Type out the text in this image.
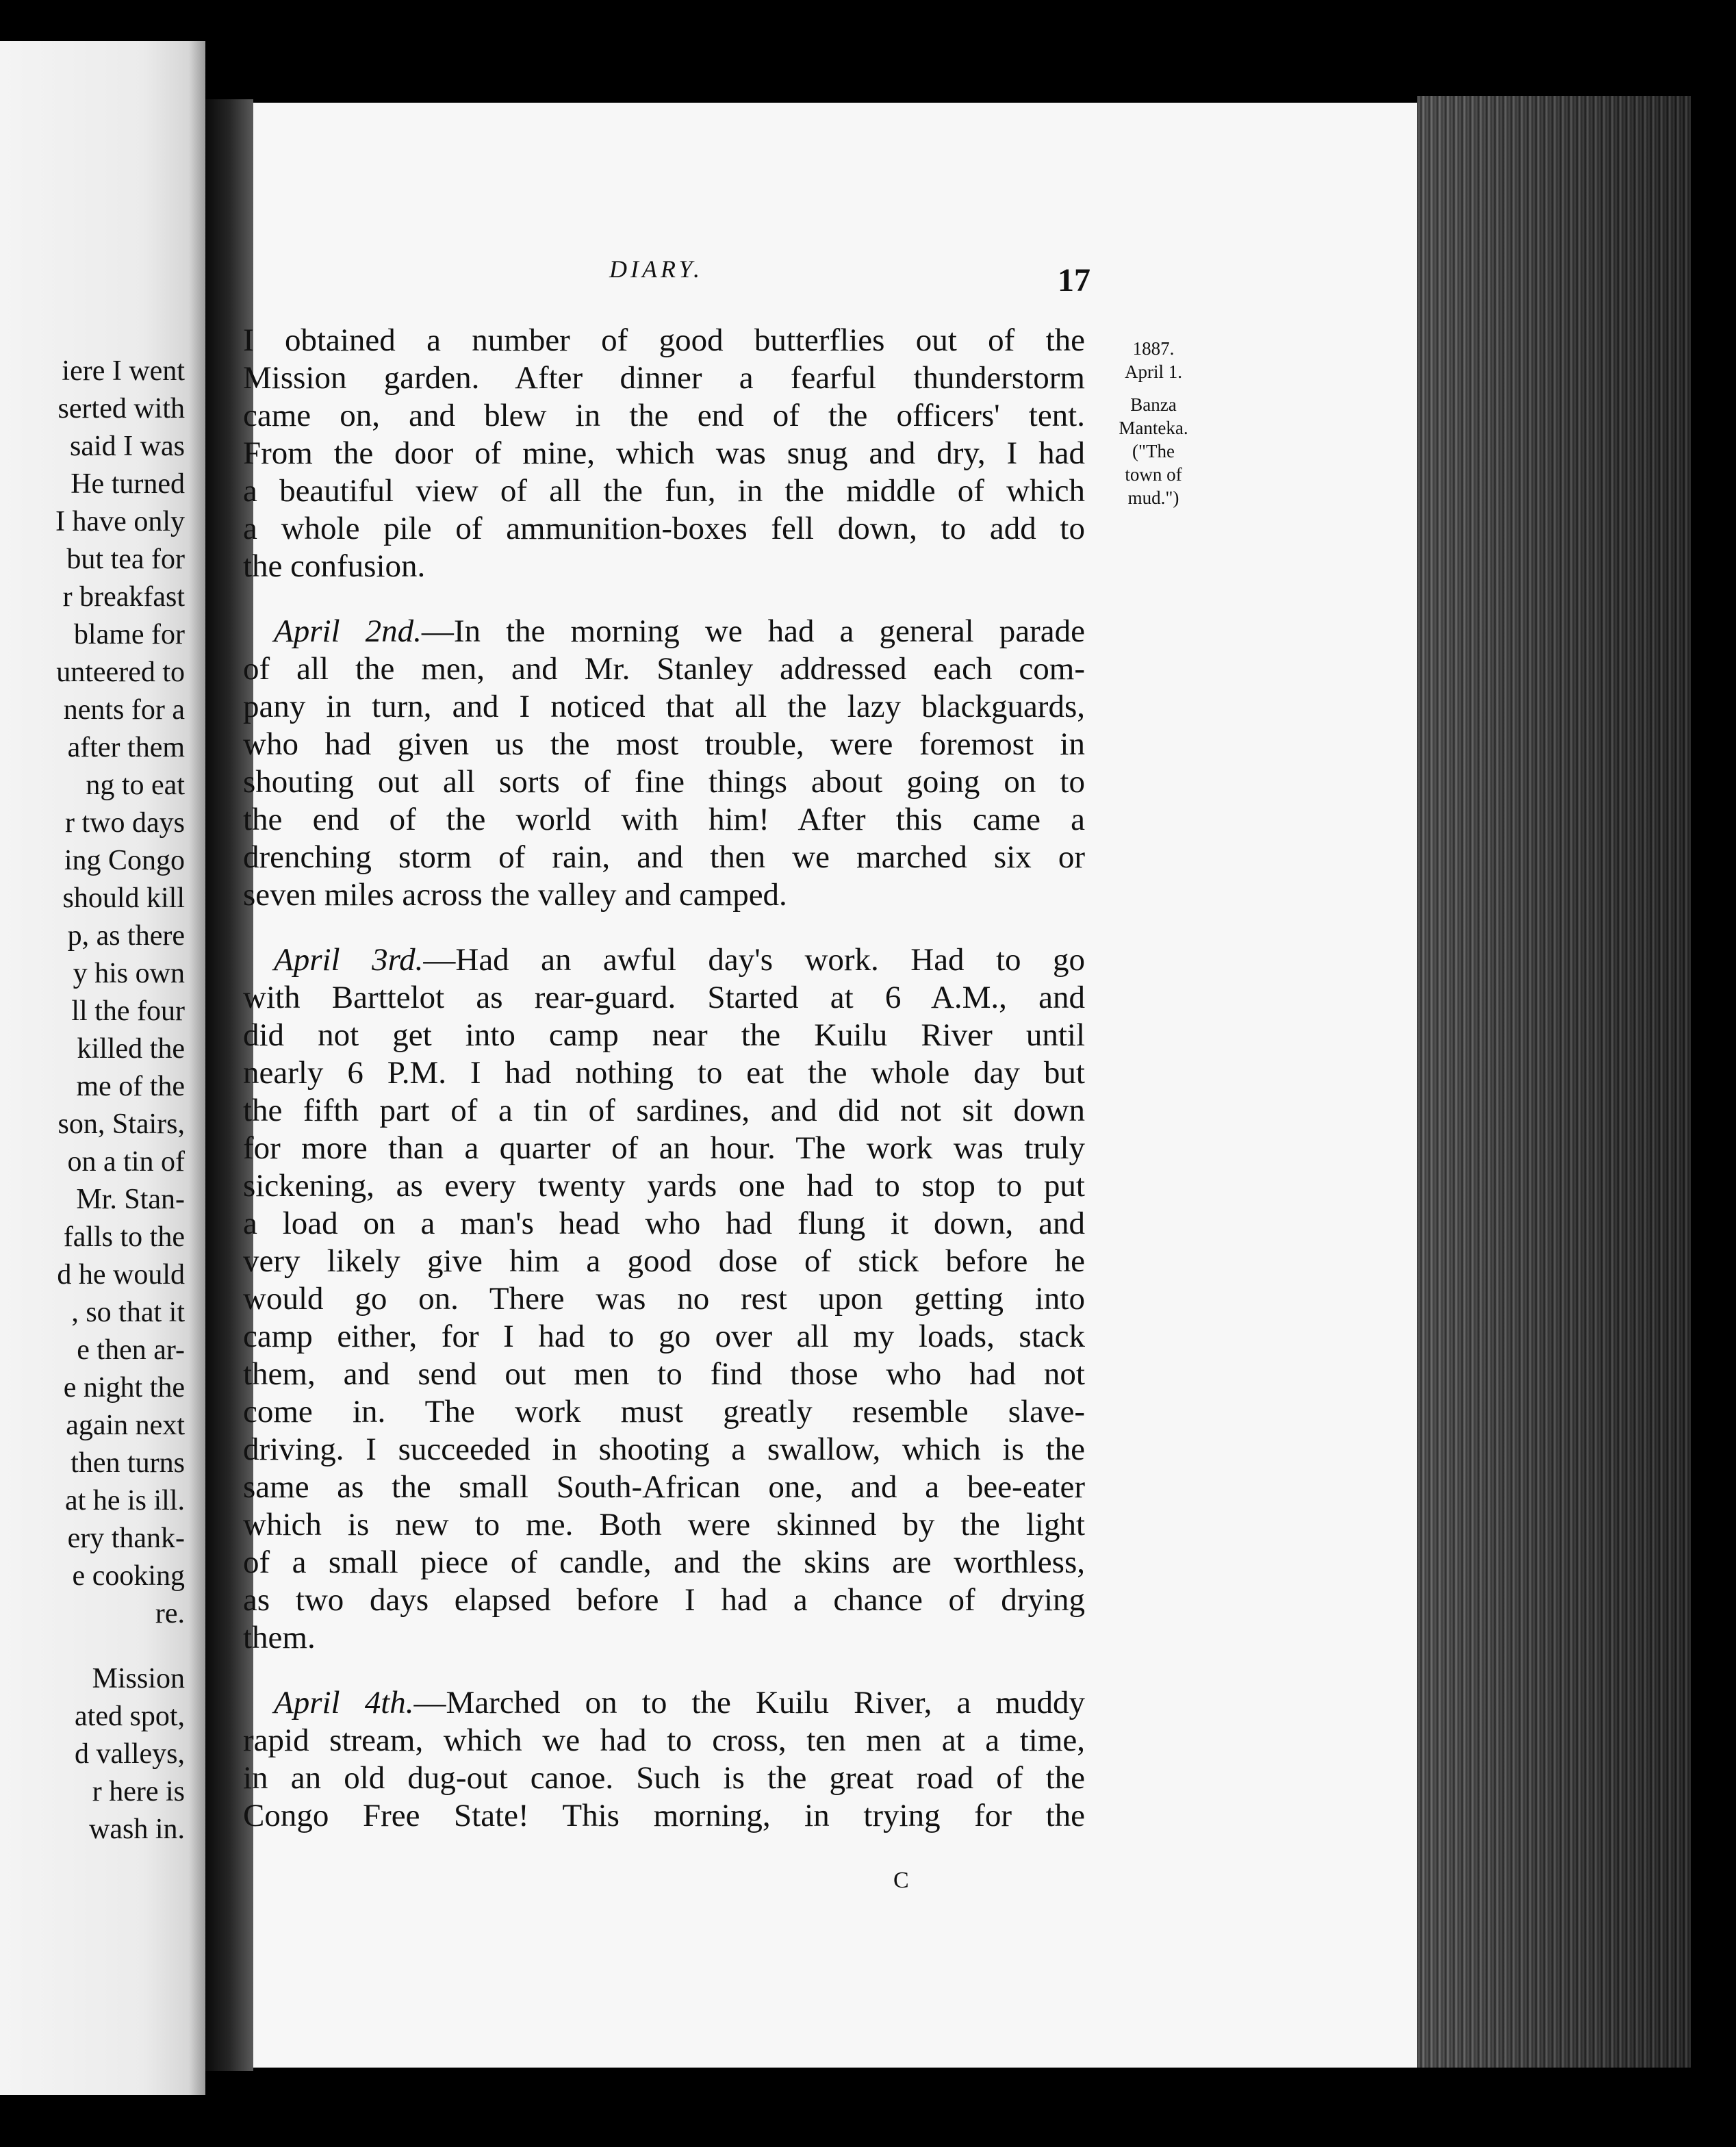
iere I went
serted with
said I was
He turned
I have only
but tea for
r breakfast
blame for
unteered to
nents for a
after them
ng to eat
r two days
ing Congo
should kill
p, as there
y his own
ll the four
killed the
me of the
son, Stairs,
on a tin of
Mr. Stan-
falls to the
d he would
, so that it
e then ar-
e night the
again next
then turns
at he is ill.
ery thank-
e cooking
re.
Mission
ated spot,
d valleys,
r here is
wash in.
DIARY.	17
1887.
April 1.
Banza
Manteka.
("The
town of
mud.")
I obtained a number of good butterflies out of the
Mission garden. After dinner a fearful thunderstorm
came on, and blew in the end of the officers' tent.
From the door of mine, which was snug and dry, I had
a beautiful view of all the fun, in the middle of which
a whole pile of ammunition-boxes fell down, to add to
the confusion.
April 2nd.—In the morning we had a general parade
of all the men, and Mr. Stanley addressed each com-
pany in turn, and I noticed that all the lazy blackguards,
who had given us the most trouble, were foremost in
shouting out all sorts of fine things about going on to
the end of the world with him! After this came a
drenching storm of rain, and then we marched six or
seven miles across the valley and camped.
April 3rd.—Had an awful day's work. Had to go
with Barttelot as rear-guard. Started at 6 A.M., and
did not get into camp near the Kuilu River until
nearly 6 P.M. I had nothing to eat the whole day but
the fifth part of a tin of sardines, and did not sit down
for more than a quarter of an hour. The work was truly
sickening, as every twenty yards one had to stop to put
a load on a man's head who had flung it down, and
very likely give him a good dose of stick before he
would go on. There was no rest upon getting into
camp either, for I had to go over all my loads, stack
them, and send out men to find those who had not
come in. The work must greatly resemble slave-
driving. I succeeded in shooting a swallow, which is the
same as the small South-African one, and a bee-eater
which is new to me. Both were skinned by the light
of a small piece of candle, and the skins are worthless,
as two days elapsed before I had a chance of drying
them.
April 4th.—Marched on to the Kuilu River, a muddy
rapid stream, which we had to cross, ten men at a time,
in an old dug-out canoe. Such is the great road of the
Congo Free State! This morning, in trying for the
C
